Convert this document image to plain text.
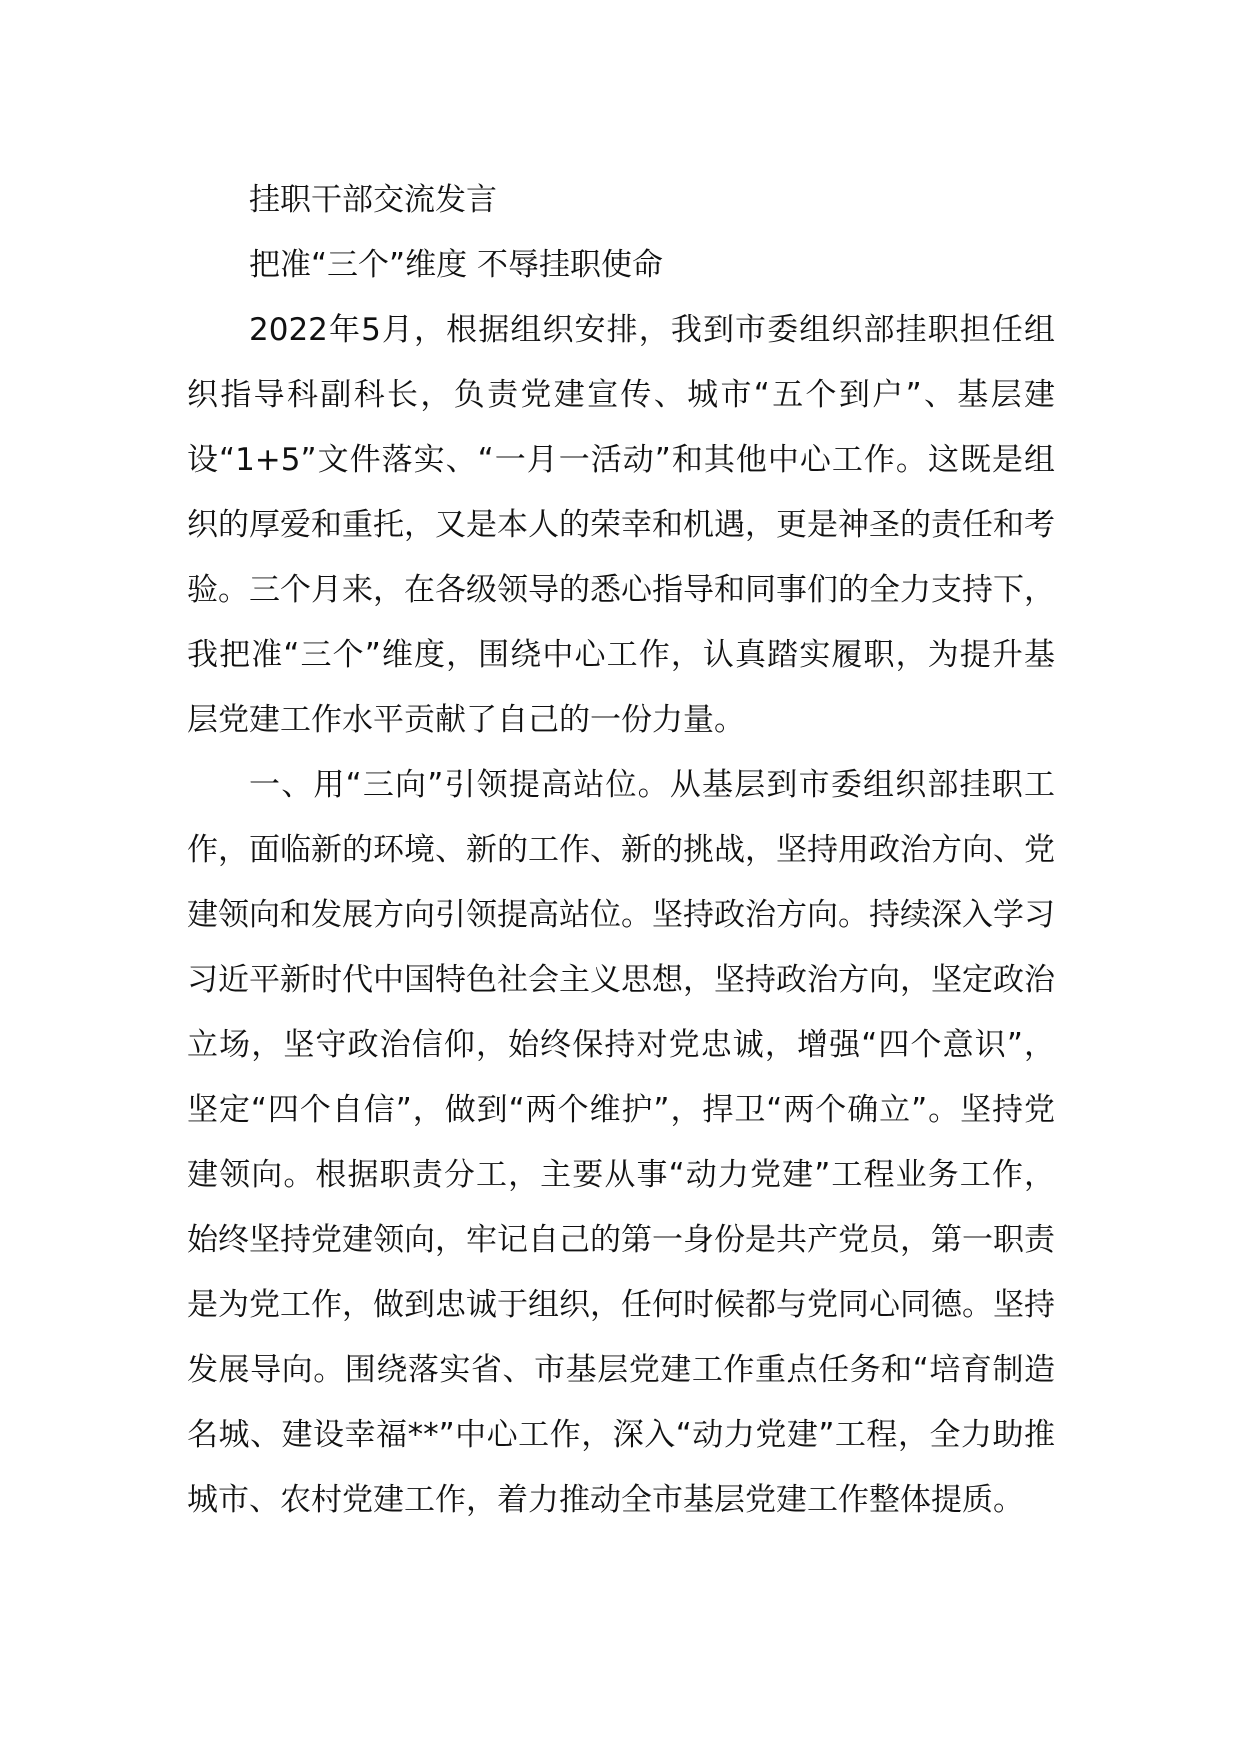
挂职干部交流发言

把准“三个”维度 不辱挂职使命

2022年5月，根据组织安排，我到市委组织部挂职担任组织指导科副科长，负责党建宣传、城市“五个到户”、基层建设“1+5”文件落实、“一月一活动”和其他中心工作。这既是组织的厚爱和重托，又是本人的荣幸和机遇，更是神圣的责任和考验。三个月来，在各级领导的悉心指导和同事们的全力支持下，我把准“三个”维度，围绕中心工作，认真踏实履职，为提升基层党建工作水平贡献了自己的一份力量。

一、用“三向”引领提高站位。从基层到市委组织部挂职工作，面临新的环境、新的工作、新的挑战，坚持用政治方向、党建领向和发展方向引领提高站位。坚持政治方向。持续深入学习习近平新时代中国特色社会主义思想，坚持政治方向，坚定政治立场，坚守政治信仰，始终保持对党忠诚，增强“四个意识”，坚定“四个自信”，做到“两个维护”，捍卫“两个确立”。坚持党建领向。根据职责分工，主要从事“动力党建”工程业务工作，始终坚持党建领向，牢记自己的第一身份是共产党员，第一职责是为党工作，做到忠诚于组织，任何时候都与党同心同德。坚持发展导向。围绕落实省、市基层党建工作重点任务和“培育制造名城、建设幸福**”中心工作，深入“动力党建”工程，全力助推城市、农村党建工作，着力推动全市基层党建工作整体提质。
